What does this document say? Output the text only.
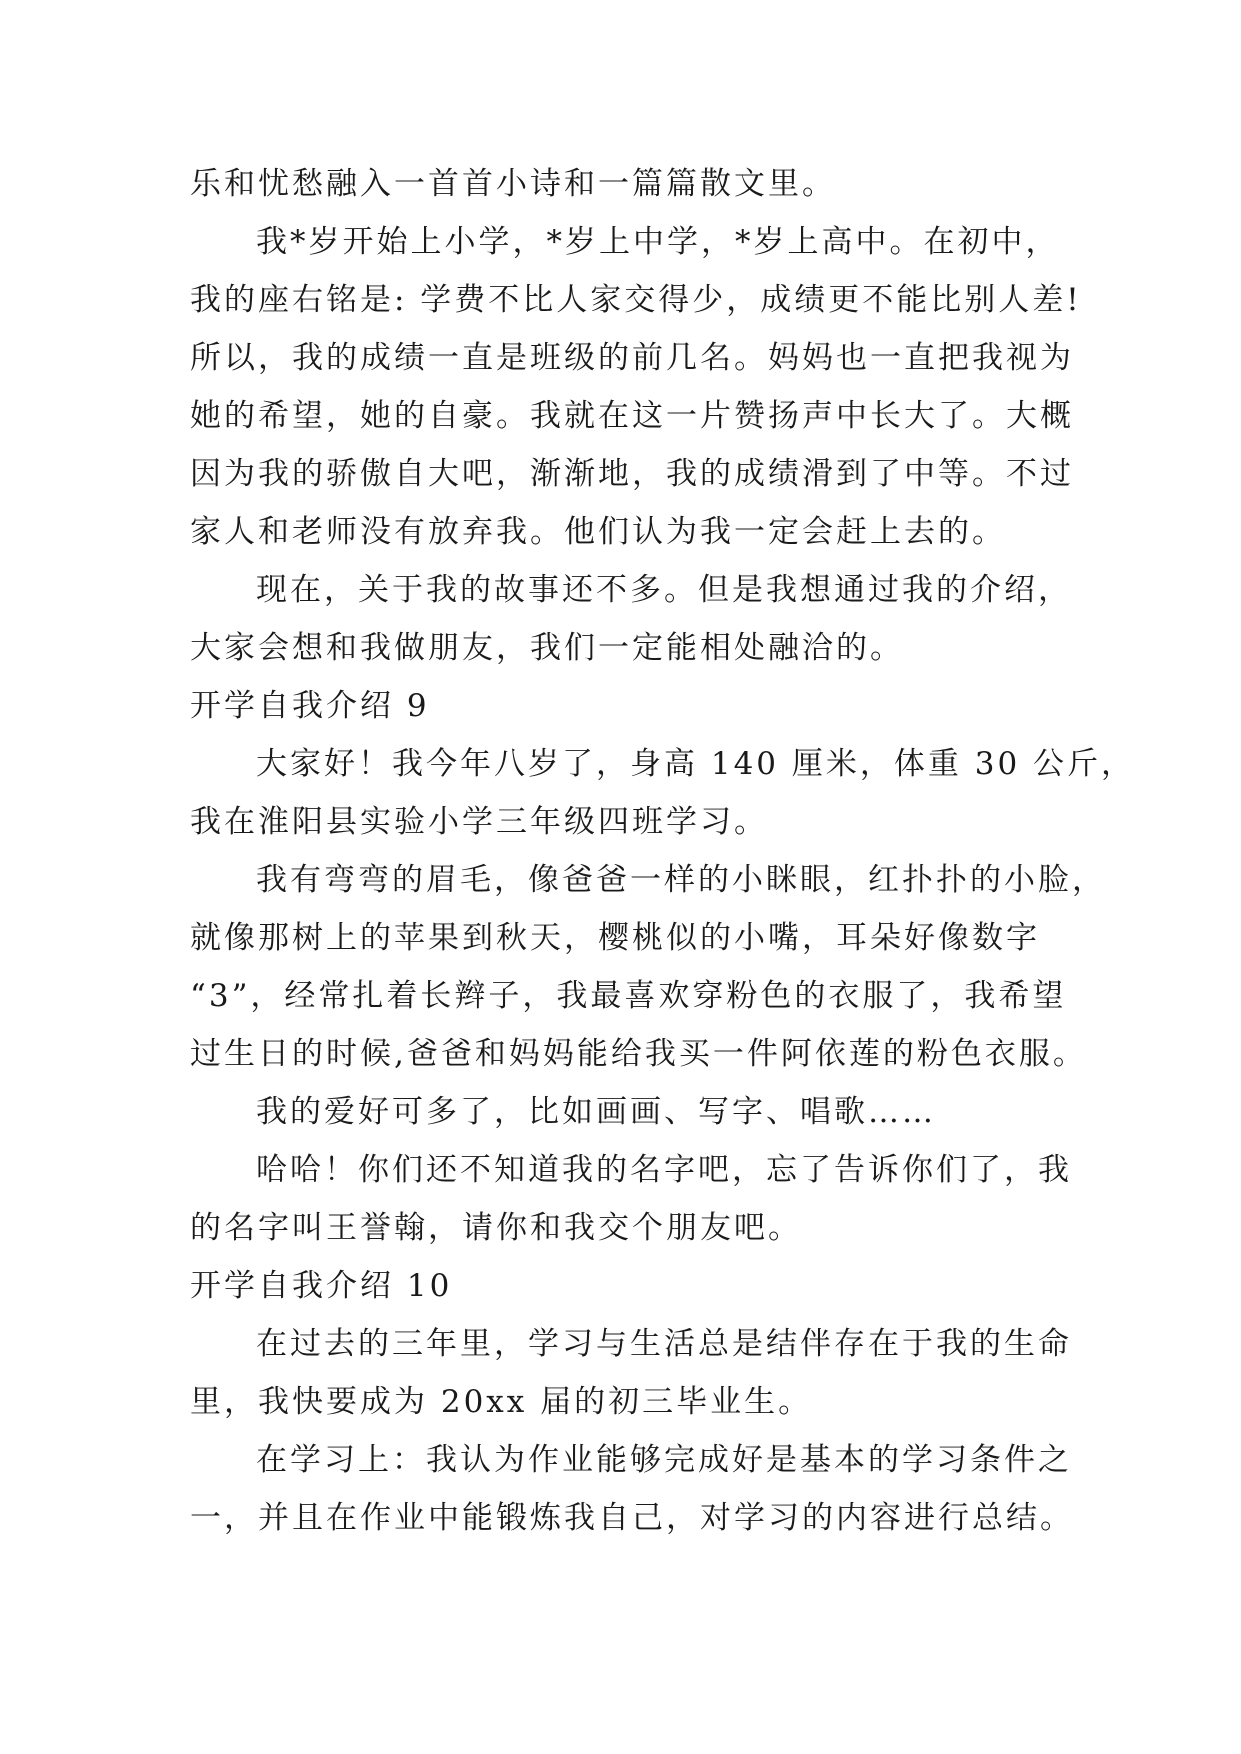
乐和忧愁融入一首首小诗和一篇篇散文里。
我*岁开始上小学，*岁上中学，*岁上高中。在初中，
我的座右铭是: 学费不比人家交得少，成绩更不能比别人差!
所以，我的成绩一直是班级的前几名。妈妈也一直把我视为
她的希望，她的自豪。我就在这一片赞扬声中长大了。大概
因为我的骄傲自大吧，渐渐地，我的成绩滑到了中等。不过
家人和老师没有放弃我。他们认为我一定会赶上去的。
现在，关于我的故事还不多。但是我想通过我的介绍，
大家会想和我做朋友，我们一定能相处融洽的。
开学自我介绍 9
大家好！我今年八岁了，身高 140 厘米，体重 30 公斤，
我在淮阳县实验小学三年级四班学习。
我有弯弯的眉毛，像爸爸一样的小眯眼，红扑扑的小脸，
就像那树上的苹果到秋天，樱桃似的小嘴，耳朵好像数字
“3”，经常扎着长辫子，我最喜欢穿粉色的衣服了，我希望
过生日的时候,爸爸和妈妈能给我买一件阿依莲的粉色衣服。
我的爱好可多了，比如画画、写字、唱歌……
哈哈！你们还不知道我的名字吧，忘了告诉你们了，我
的名字叫王誉翰，请你和我交个朋友吧。
开学自我介绍 10
在过去的三年里，学习与生活总是结伴存在于我的生命
里，我快要成为 20xx 届的初三毕业生。
在学习上：我认为作业能够完成好是基本的学习条件之
一，并且在作业中能锻炼我自己，对学习的内容进行总结。
